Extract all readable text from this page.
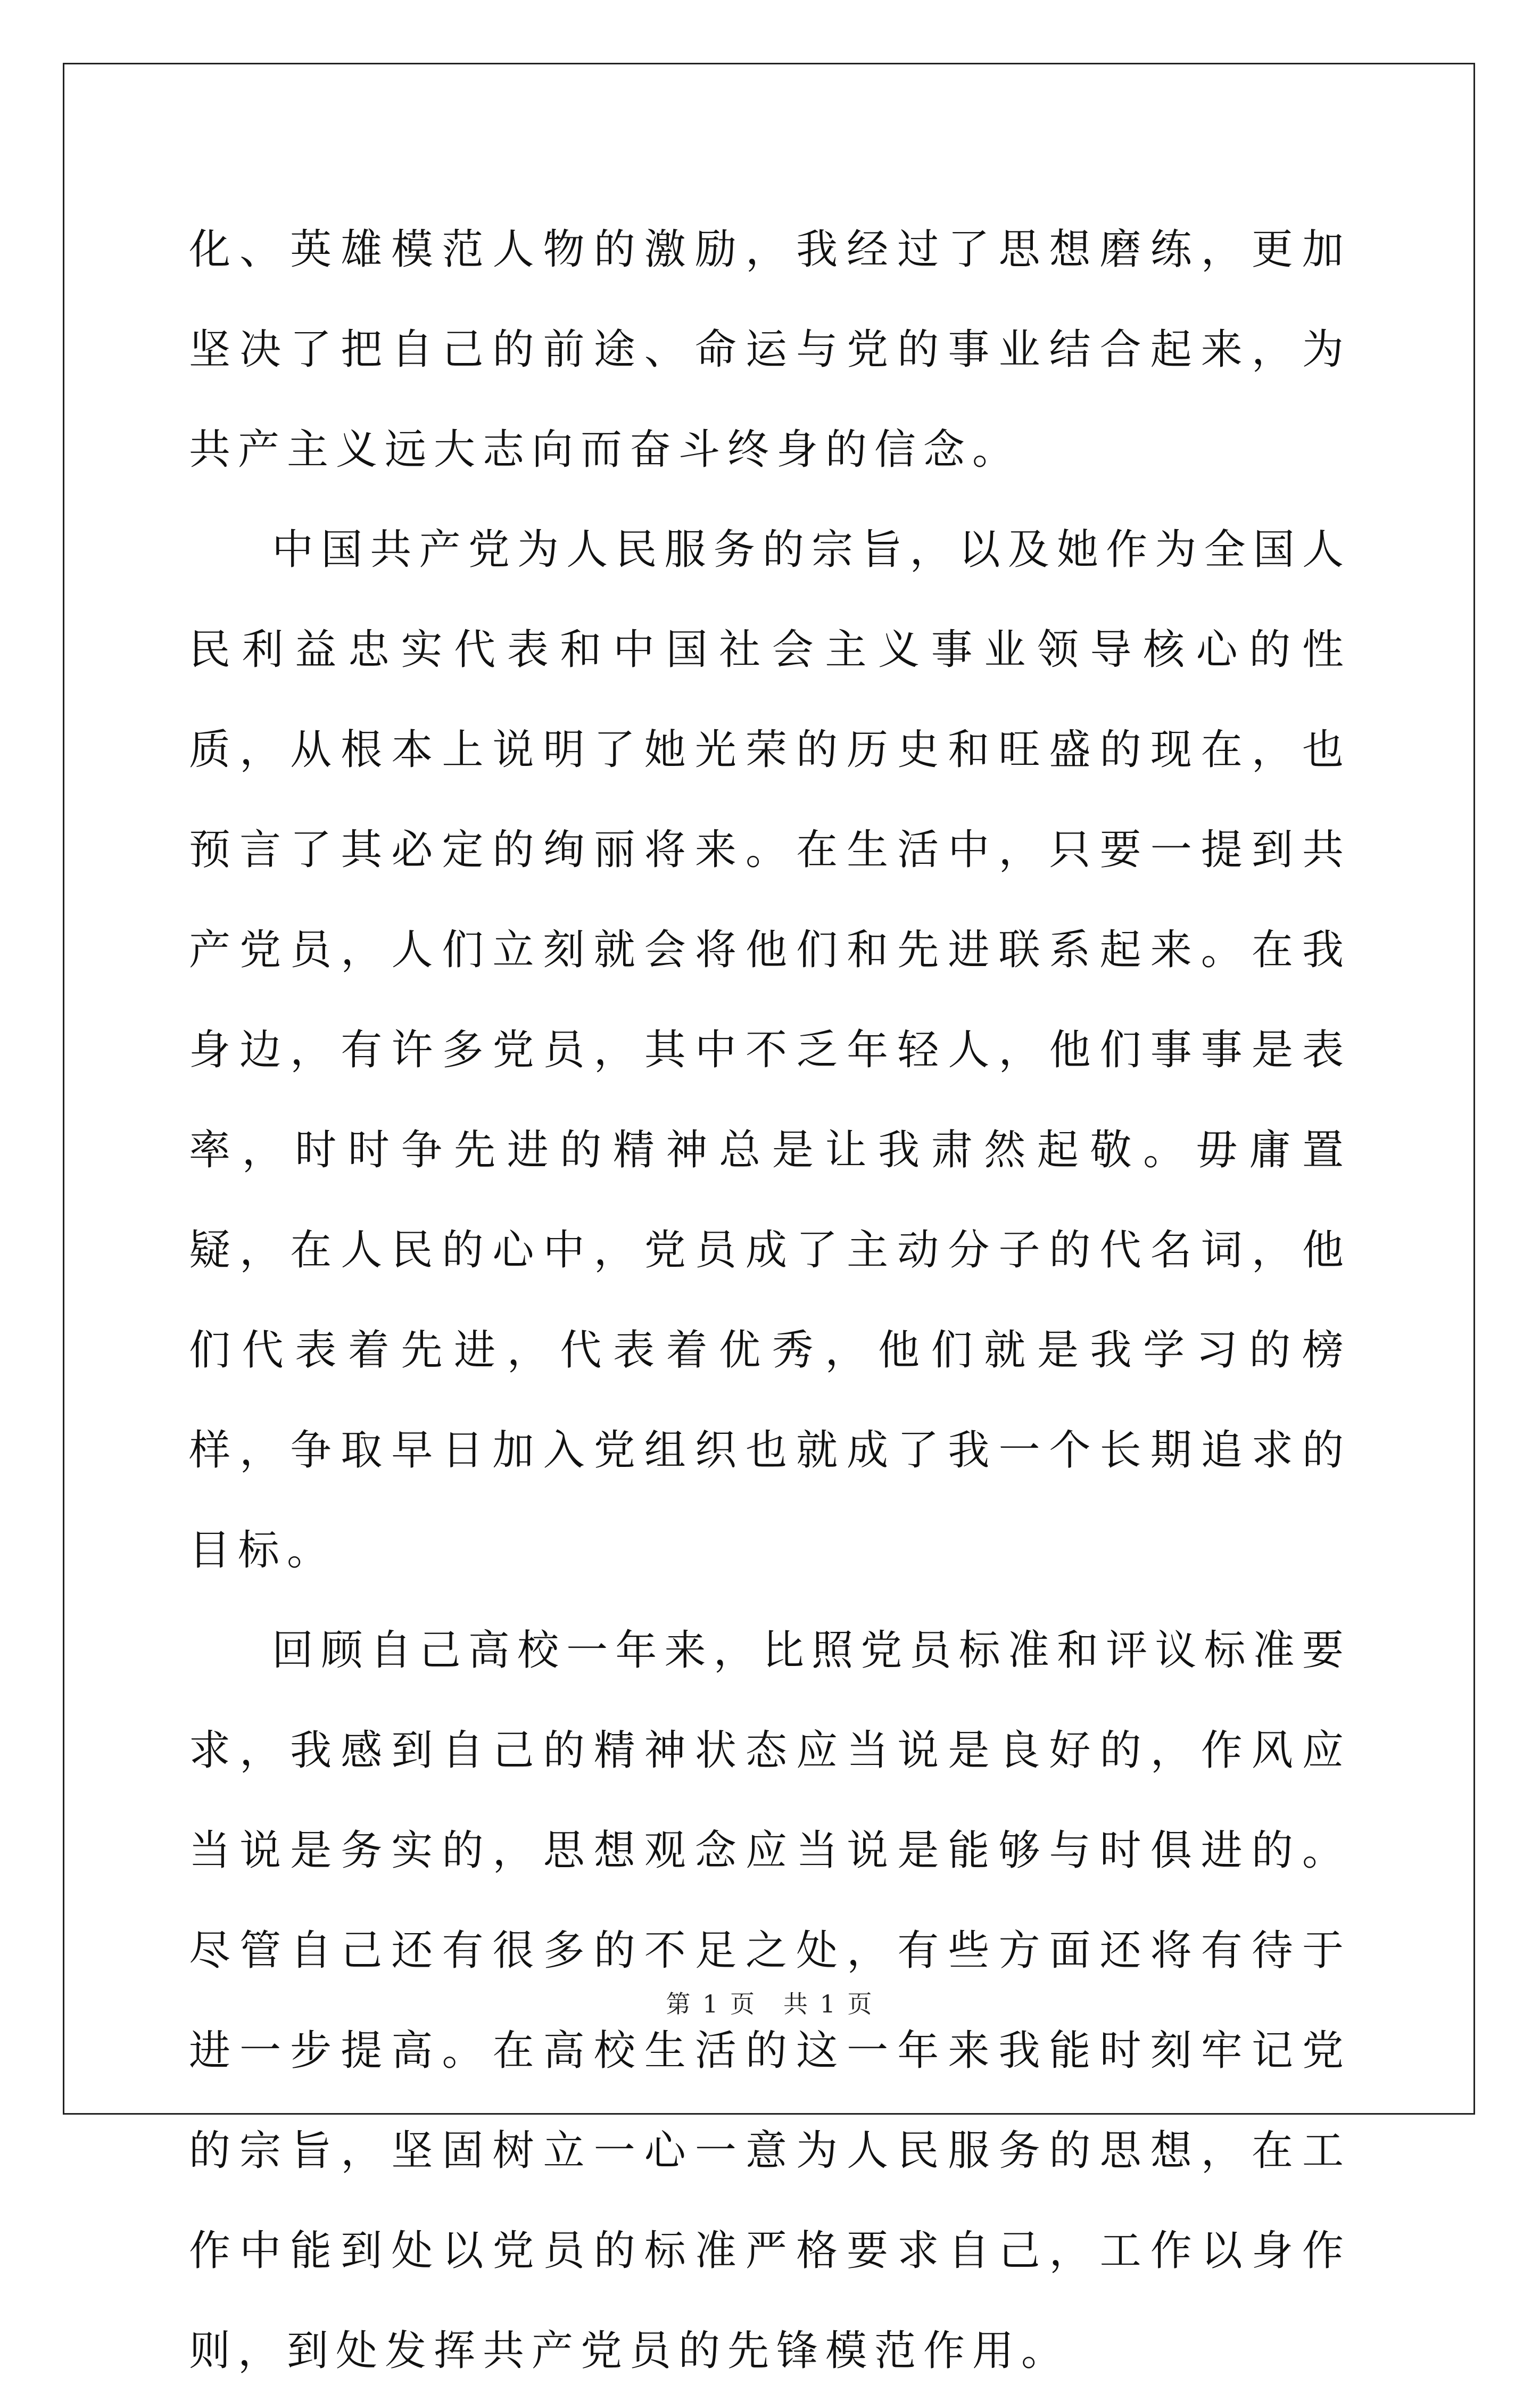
化、英雄模范人物的激励，我经过了思想磨练，更加坚决了把自己的前途、命运与党的事业结合起来，为共产主义远大志向而奋斗终身的信念。

中国共产党为人民服务的宗旨，以及她作为全国人民利益忠实代表和中国社会主义事业领导核心的性质，从根本上说明了她光荣的历史和旺盛的现在，也预言了其必定的绚丽将来。在生活中，只要一提到共产党员，人们立刻就会将他们和先进联系起来。在我身边，有许多党员，其中不乏年轻人，他们事事是表率，时时争先进的精神总是让我肃然起敬。毋庸置疑，在人民的心中，党员成了主动分子的代名词，他们代表着先进，代表着优秀，他们就是我学习的榜样，争取早日加入党组织也就成了我一个长期追求的目标。

回顾自己高校一年来，比照党员标准和评议标准要求，我感到自己的精神状态应当说是良好的，作风应当说是务实的，思想观念应当说是能够与时俱进的。尽管自己还有很多的不足之处，有些方面还将有待于进一步提高。在高校生活的这一年来我能时刻牢记党的宗旨，坚固树立一心一意为人民服务的思想，在工作中能到处以党员的标准严格要求自己，工作以身作则，到处发挥共产党员的先锋模范作用。

第 1 页　共 1 页
